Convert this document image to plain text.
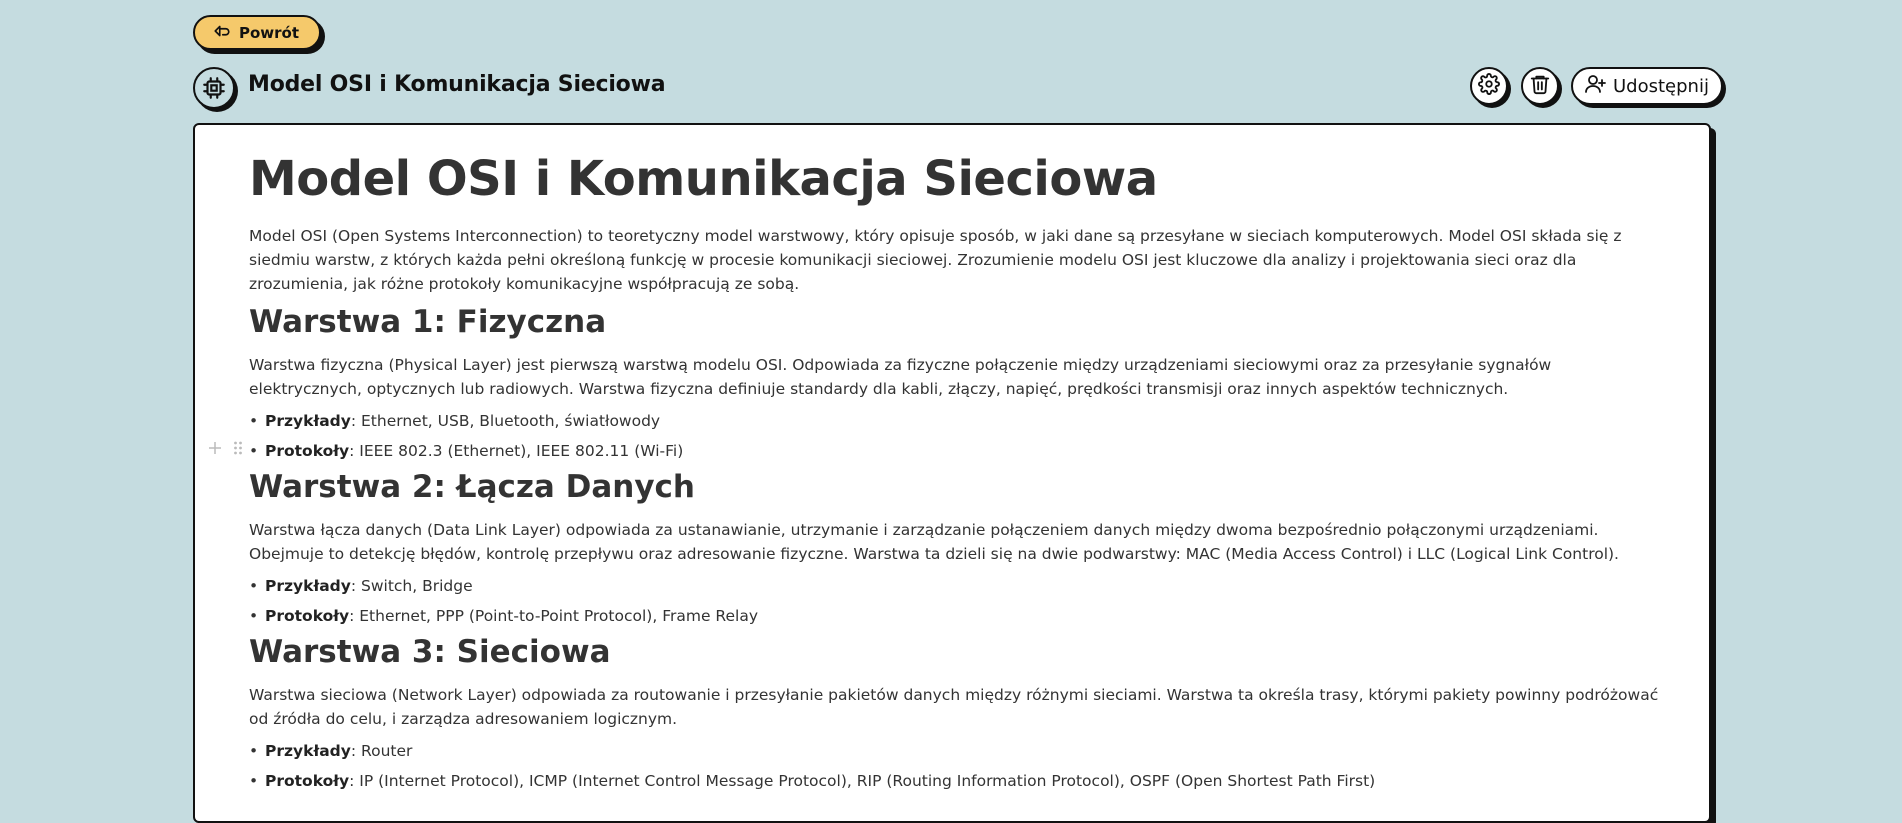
Powrót
Model OSI i Komunikacja Sieciowa	Udostępnij
Model OSI i Komunikacja Sieciowa

Model OSI (Open Systems Interconnection) to teoretyczny model warstwowy, który opisuje sposób, w jaki dane są przesyłane w sieciach komputerowych. Model OSI składa się z siedmiu warstw, z których każda pełni określoną funkcję w procesie komunikacji sieciowej. Zrozumienie modelu OSI jest kluczowe dla analizy i projektowania sieci oraz dla zrozumienia, jak różne protokoły komunikacyjne współpracują ze sobą.

Warstwa 1: Fizyczna

Warstwa fizyczna (Physical Layer) jest pierwszą warstwą modelu OSI. Odpowiada za fizyczne połączenie między urządzeniami sieciowymi oraz za przesyłanie sygnałów elektrycznych, optycznych lub radiowych. Warstwa fizyczna definiuje standardy dla kabli, złączy, napięć, prędkości transmisji oraz innych aspektów technicznych.

• Przykłady: Ethernet, USB, Bluetooth, światłowody
• Protokoły: IEEE 802.3 (Ethernet), IEEE 802.11 (Wi-Fi)
Warstwa 2: Łącza Danych

Warstwa łącza danych (Data Link Layer) odpowiada za ustanawianie, utrzymanie i zarządzanie połączeniem danych między dwoma bezpośrednio połączonymi urządzeniami. Obejmuje to detekcję błędów, kontrolę przepływu oraz adresowanie fizyczne. Warstwa ta dzieli się na dwie podwarstwy: MAC (Media Access Control) i LLC (Logical Link Control).

• Przykłady: Switch, Bridge
• Protokoły: Ethernet, PPP (Point-to-Point Protocol), Frame Relay
Warstwa 3: Sieciowa

Warstwa sieciowa (Network Layer) odpowiada za routowanie i przesyłanie pakietów danych między różnymi sieciami. Warstwa ta określa trasy, którymi pakiety powinny podróżować od źródła do celu, i zarządza adresowaniem logicznym.

• Przykłady: Router
• Protokoły: IP (Internet Protocol), ICMP (Internet Control Message Protocol), RIP (Routing Information Protocol), OSPF (Open Shortest Path First)
